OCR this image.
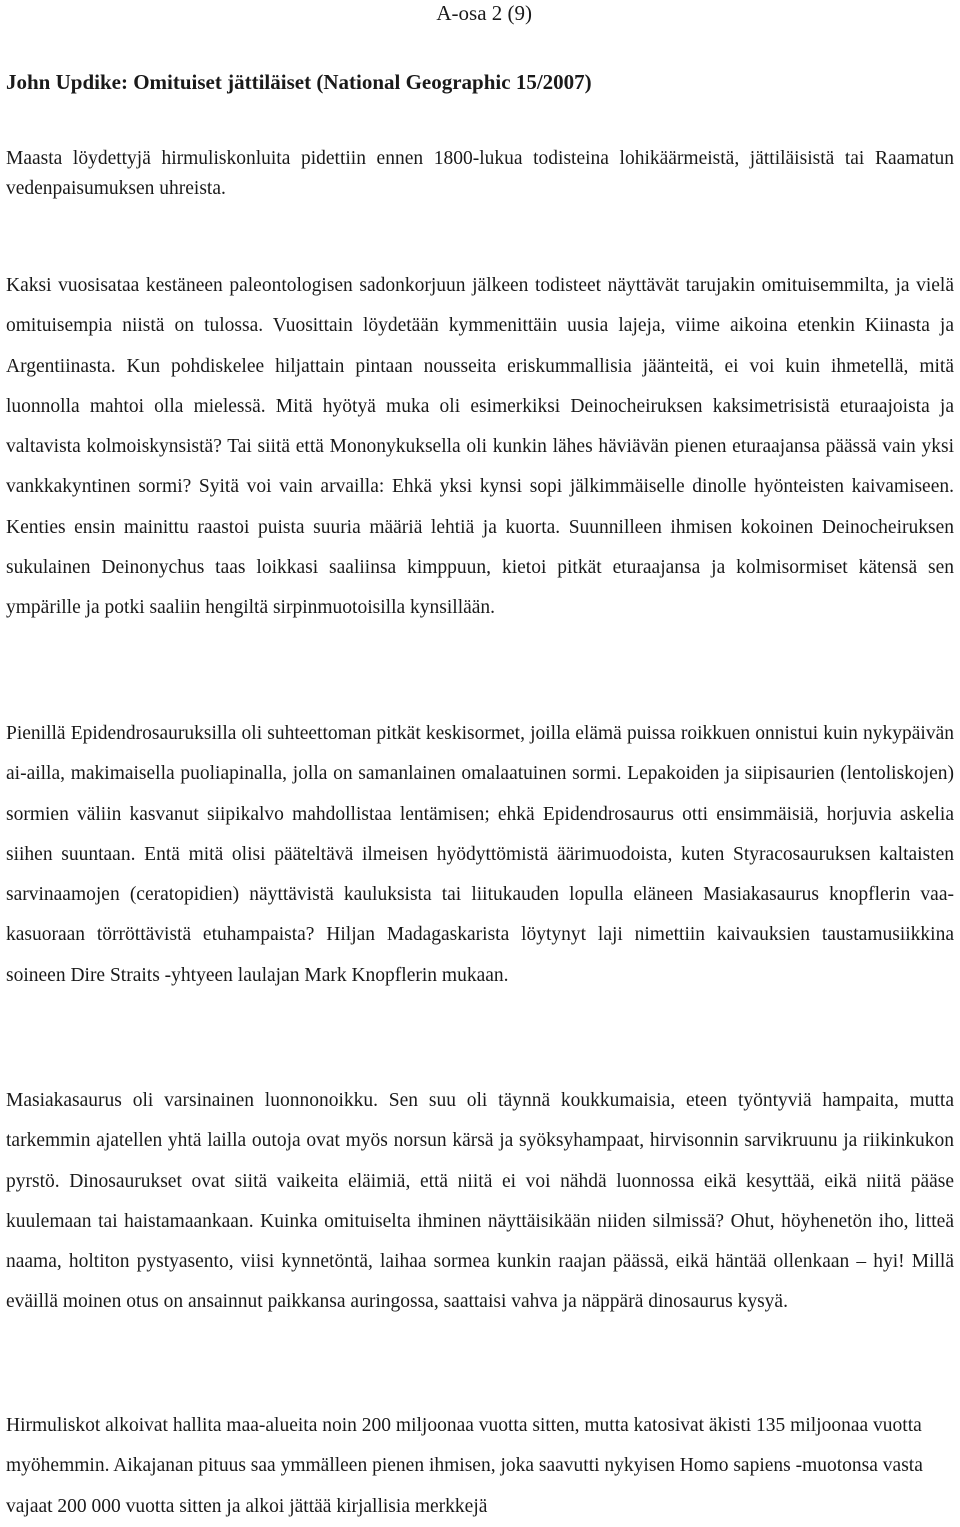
A-osa 2 (9)
John Updike: Omituiset jättiläiset (National Geographic 15/2007)

Maasta löydettyjä hirmuliskonluita pidettiin ennen 1800-lukua todisteina lohikäärmeistä, jättiläisistä tai Raamatun vedenpaisumuksen uhreista.

Kaksi vuosisataa kestäneen paleontologisen sadonkorjuun jälkeen todisteet näyttävät tarujakin omituisemmilta, ja vielä omituisempia niistä on tulossa. Vuosittain löydetään kymmenittäin uusia lajeja, viime aikoina etenkin Kiinasta ja Argentiinasta. Kun pohdiskelee hiljattain pintaan nousseita eriskummallisia jäänteitä, ei voi kuin ihmetellä, mitä luonnolla mahtoi olla mielessä. Mitä hyötyä muka oli esimerkiksi Deinocheiruksen kaksimetrisistä eturaajoista ja valtavista kolmoiskynsistä? Tai siitä että Mononykuksella oli kunkin lähes häviävän pienen eturaajansa päässä vain yksi vankkakyntinen sormi? Syitä voi vain arvailla: Ehkä yksi kynsi sopi jälkimmäiselle dinolle hyönteisten kaivamiseen. Kenties ensin mainittu raastoi puista suuria määriä lehtiä ja kuorta. Suunnilleen ihmisen kokoinen Deinocheiruksen sukulainen Deinonychus taas loikkasi saaliinsa kimppuun, kietoi pitkät eturaajansa ja kolmisormiset kätensä sen ympärille ja potki saaliin hengiltä sirpinmuotoisilla kynsillään.

Pienillä Epidendrosauruksilla oli suhteettoman pitkät keskisormet, joilla elämä puissa roikkuen onnistui kuin nykypäivän ai-ailla, makimaisella puoliapinalla, jolla on samanlainen omalaatuinen sormi. Lepakoiden ja siipisaurien (lentoliskojen) sormien väliin kasvanut siipikalvo mahdollistaa lentämisen; ehkä Epidendrosaurus otti ensimmäisiä, horjuvia askelia siihen suuntaan. Entä mitä olisi pääteltävä ilmeisen hyödyttömistä äärimuodoista, kuten Styracosauruksen kaltaisten sarvinaamojen (ceratopidien) näyttävistä kauluksista tai liitukauden lopulla eläneen Masiakasaurus knopflerin vaakasuoraan törröttävistä etuhampaista? Hiljan Madagaskarista löytynyt laji nimettiin kaivauksien taustamusiikkina soineen Dire Straits -yhtyeen laulajan Mark Knopflerin mukaan.

Masiakasaurus oli varsinainen luonnonoikku. Sen suu oli täynnä koukkumaisia, eteen työntyviä hampaita, mutta tarkemmin ajatellen yhtä lailla outoja ovat myös norsun kärsä ja syöksyhampaat, hirvisonnin sarvikruunu ja riikinkukon pyrstö. Dinosaurukset ovat siitä vaikeita eläimiä, että niitä ei voi nähdä luonnossa eikä kesyttää, eikä niitä pääse kuulemaan tai haistamaankaan. Kuinka omituiselta ihminen näyttäisikään niiden silmissä? Ohut, höyhenetön iho, litteä naama, holtiton pystyasento, viisi kynnetöntä, laihaa sormea kunkin raajan päässä, eikä häntää ollenkaan – hyi! Millä eväillä moinen otus on ansainnut paikkansa auringossa, saattaisi vahva ja näppärä dinosaurus kysyä.

Hirmuliskot alkoivat hallita maa-alueita noin 200 miljoonaa vuotta sitten, mutta katosivat äkisti 135 miljoonaa vuotta myöhemmin. Aikajanan pituus saa ymmälleen pienen ihmisen, joka saavutti nykyisen Homo sapiens -muotonsa vasta vajaat 200 000 vuotta sitten ja alkoi jättää kirjallisia merkkejä
